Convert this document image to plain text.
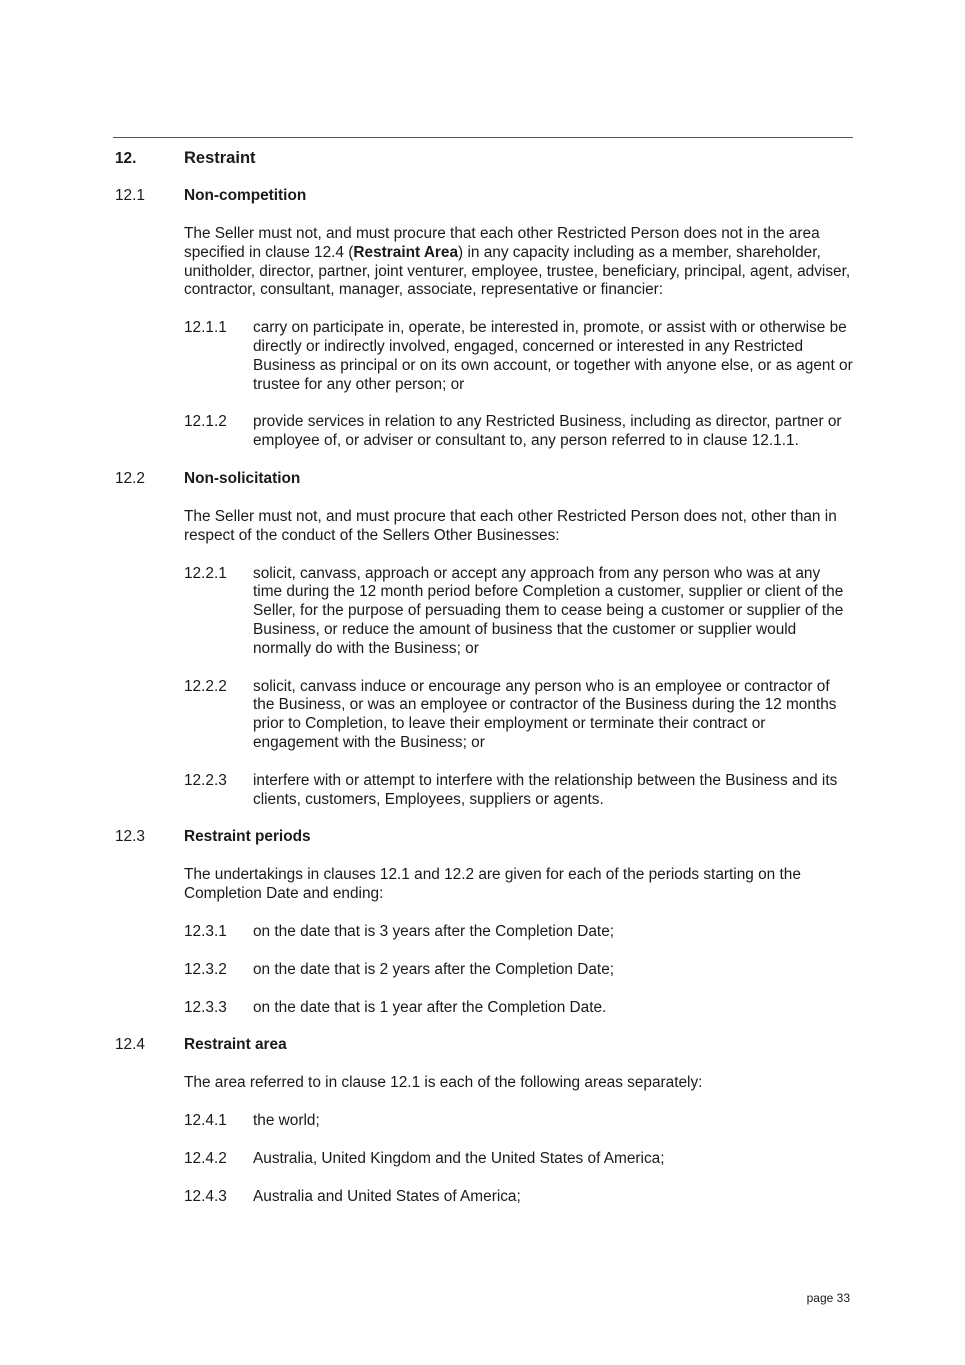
12.	Restraint
12.1	Non-competition
The Seller must not, and must procure that each other Restricted Person does not in the area specified in clause 12.4 (Restraint Area) in any capacity including as a member, shareholder, unitholder, director, partner, joint venturer, employee, trustee, beneficiary, principal, agent, adviser, contractor, consultant, manager, associate, representative or financier:
12.1.1	carry on participate in, operate, be interested in, promote, or assist with or otherwise be directly or indirectly involved, engaged, concerned or interested in any Restricted Business as principal or on its own account, or together with anyone else, or as agent or trustee for any other person; or
12.1.2	provide services in relation to any Restricted Business, including as director, partner or employee of, or adviser or consultant to, any person referred to in clause 12.1.1.
12.2	Non-solicitation
The Seller must not, and must procure that each other Restricted Person does not, other than in respect of the conduct of the Sellers Other Businesses:
12.2.1	solicit, canvass, approach or accept any approach from any person who was at any time during the 12 month period before Completion a customer, supplier or client of the Seller, for the purpose of persuading them to cease being a customer or supplier of the Business, or reduce the amount of business that the customer or supplier would normally do with the Business; or
12.2.2	solicit, canvass induce or encourage any person who is an employee or contractor of the Business, or was an employee or contractor of the Business during the 12 months prior to Completion, to leave their employment or terminate their contract or engagement with the Business; or
12.2.3	interfere with or attempt to interfere with the relationship between the Business and its clients, customers, Employees, suppliers or agents.
12.3	Restraint periods
The undertakings in clauses 12.1 and 12.2 are given for each of the periods starting on the Completion Date and ending:
12.3.1	on the date that is 3 years after the Completion Date;
12.3.2	on the date that is 2 years after the Completion Date;
12.3.3	on the date that is 1 year after the Completion Date.
12.4	Restraint area
The area referred to in clause 12.1 is each of the following areas separately:
12.4.1	the world;
12.4.2	Australia, United Kingdom and the United States of America;
12.4.3	Australia and United States of America;
page 33
